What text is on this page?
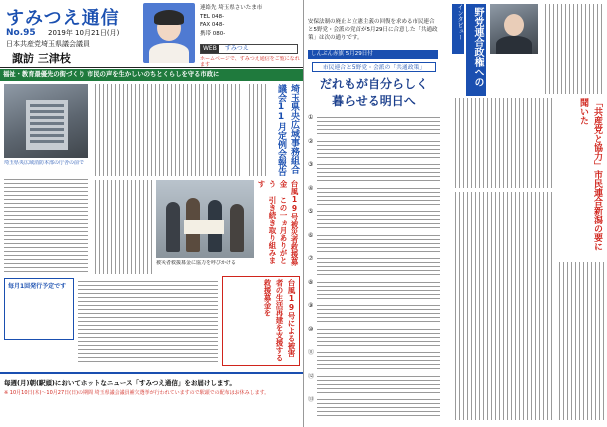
すみつえ通信
No.95 2019年 10月21日(月)
日本共産党埼玉県議会議員
諏訪 三津枝
連絡先 埼玉県さいたま市
TEL 048-
FAX 048-
携帯 080-
WEB	すみつえ
ホームページで、すみつえ通信をご覧になれます
福祉・教育最優先の街づくり 市民の声を生かしいのちとくらしを守る市政に
埼玉県央広域消防本部の庁舎の前で	埼玉県央広域事務組合議会11月定例会報告
台風19号被災者救援募金 この一ヵ月ありがとう 引き続き取り組みます
被災者救援募金に協力を呼びかける
毎月1回発行予定です	台風19号による被害者の生活再建を支援する救援募金を
毎週(月)朝(駅頭)においてホットなニュース「すみつえ通信」をお届けします。
※ 10月10日(木)〜10月27日(日)の期間 埼玉県議会議員補欠選挙が行われていますので駅頭での配布はお休みします。
安保法制の廃止と立憲主義の回復を求める市民連合と5野党・会派の党首が5月29日に合意した「共通政策」は次の通りです。
しんぶん赤旗 5月29日付
市民連合と5野党・会派の「共通政策」
だれもが自分らしく
暮らせる明日へ
①
②
③
④
⑤
⑥
⑦
⑧
⑨
⑩
⑪
⑫
⑬
インタビュー 野党連合政権への
「共産党と協力」市民連合新潟の要に聞いた
